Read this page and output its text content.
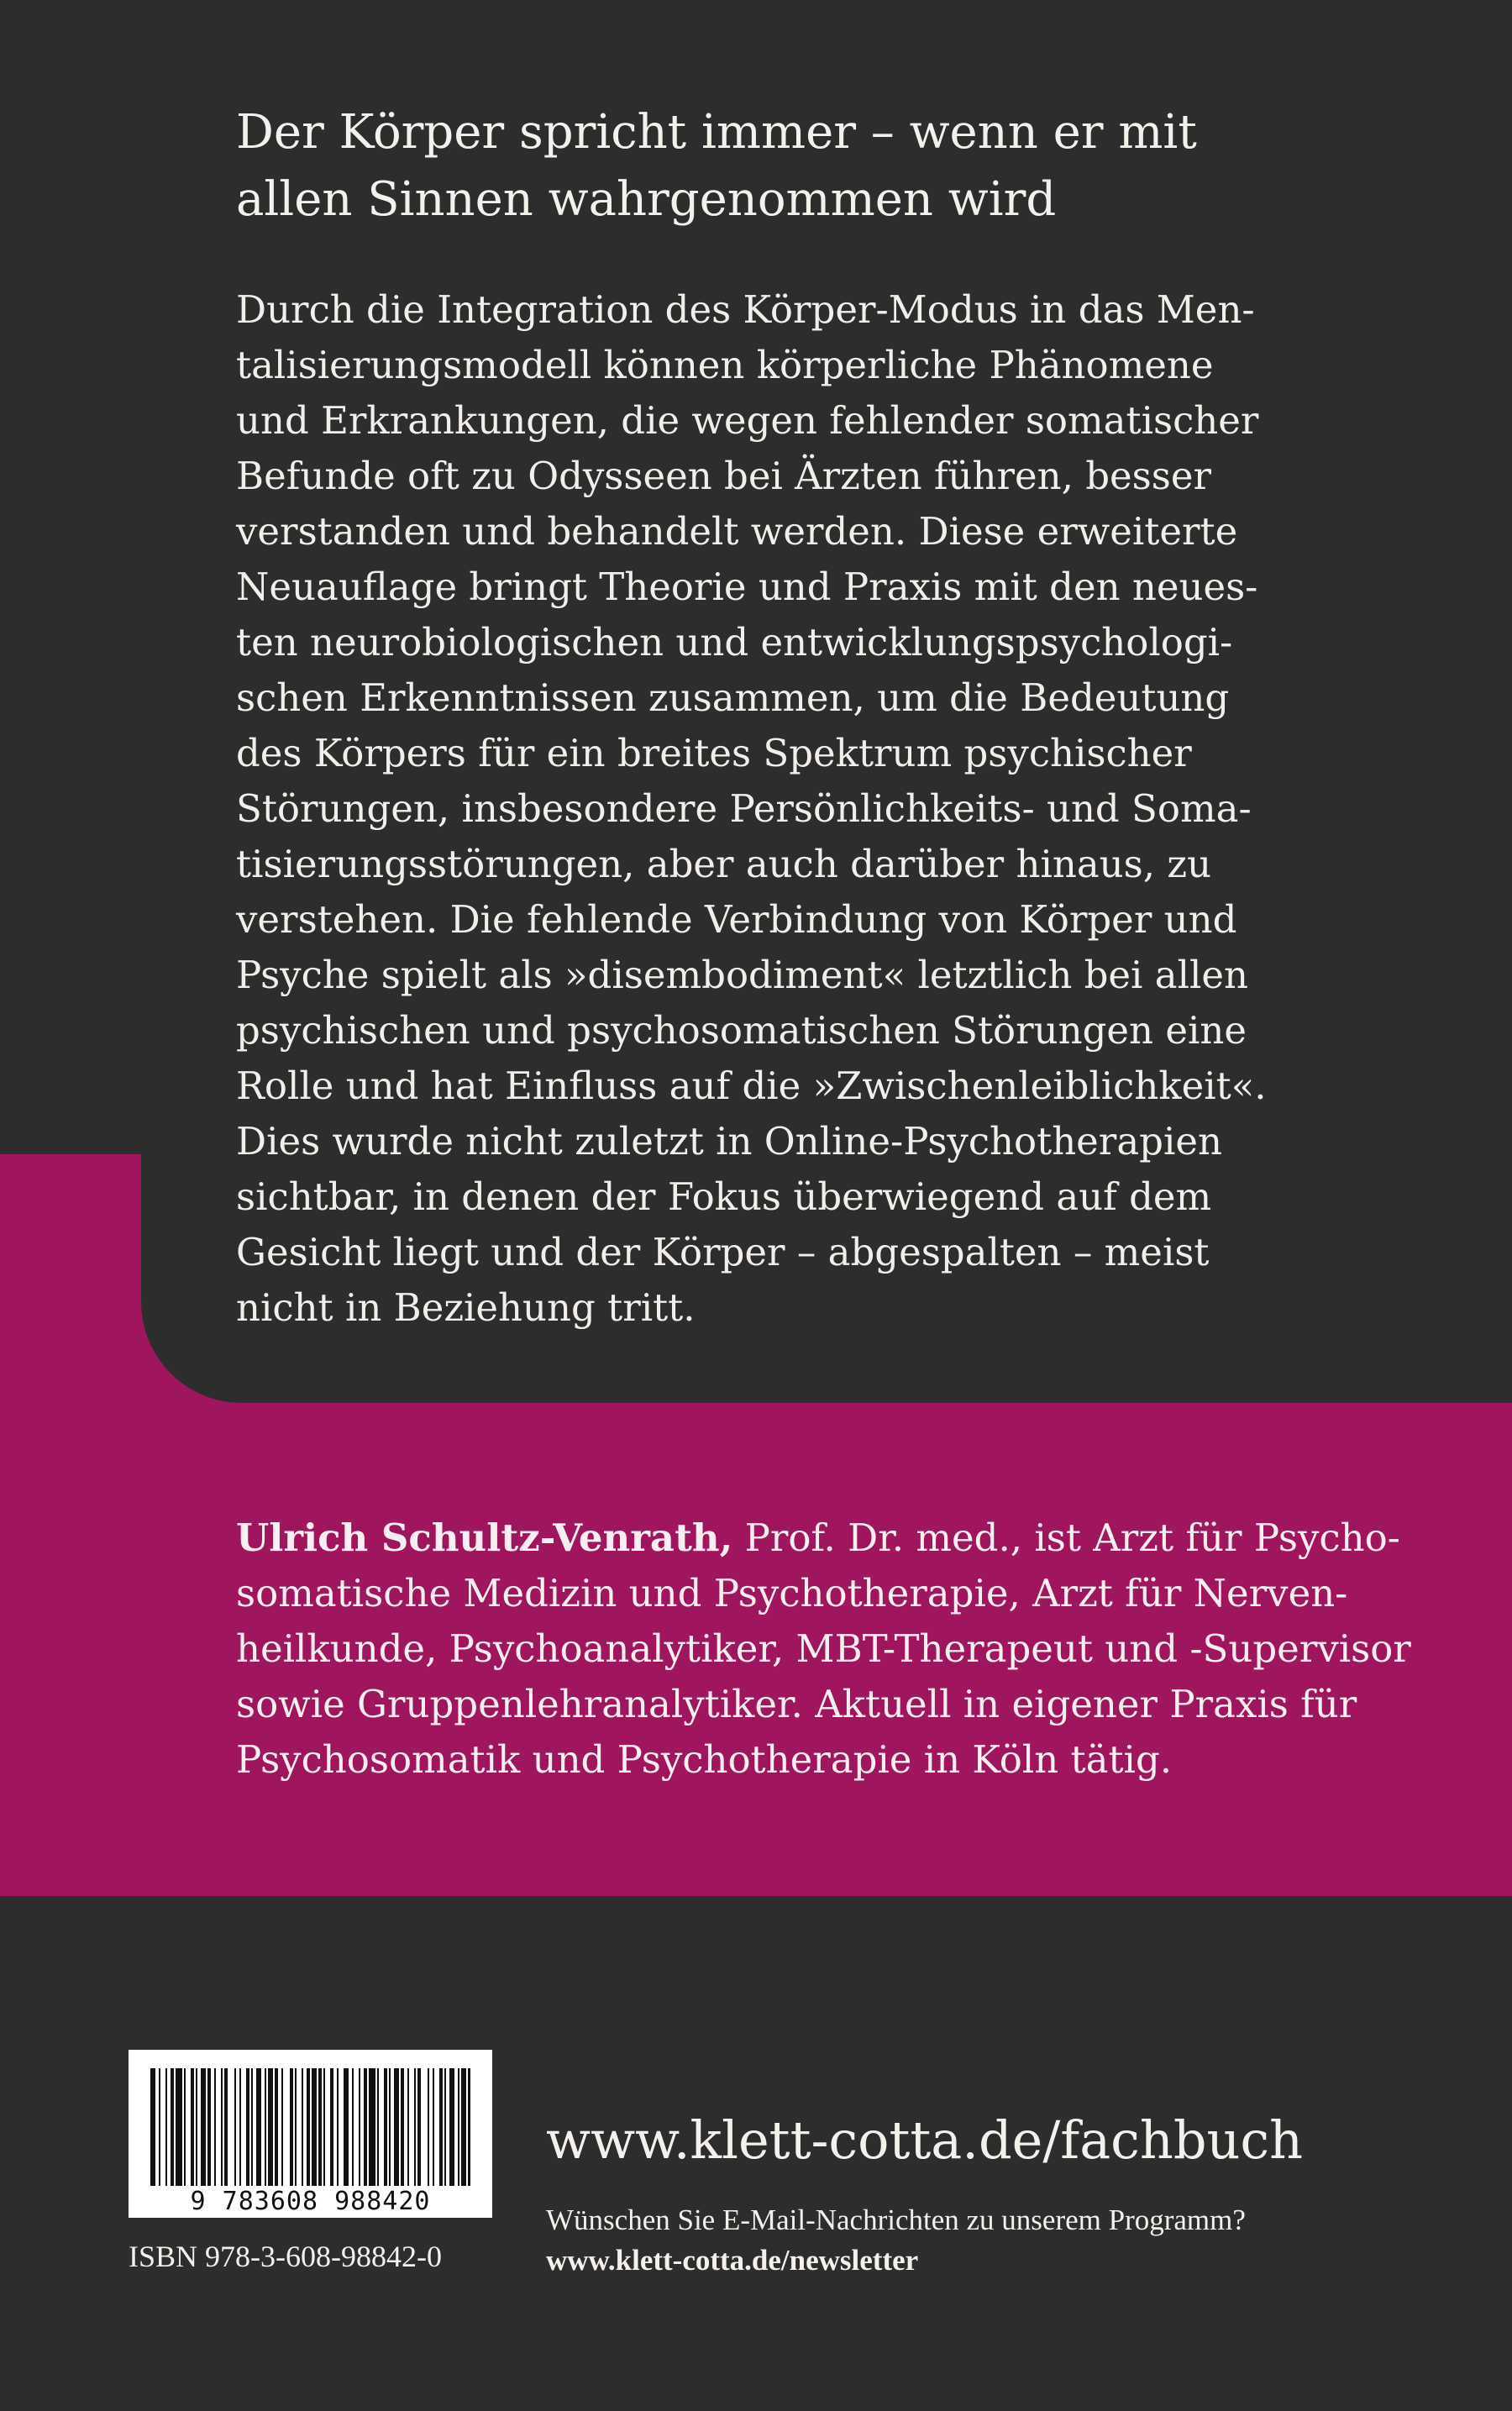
Der Körper spricht immer – wenn er mit
allen Sinnen wahrgenommen wird
Durch die Integration des Körper-Modus in das Men-
talisierungsmodell können körperliche Phänomene
und Erkrankungen, die wegen fehlender somatischer
Befunde oft zu Odysseen bei Ärzten führen, besser
verstanden und behandelt werden. Diese erweiterte
Neuauflage bringt Theorie und Praxis mit den neues-
ten neurobiologischen und entwicklungspsychologi-
schen Erkenntnissen zusammen, um die Bedeutung
des Körpers für ein breites Spektrum psychischer
Störungen, insbesondere Persönlichkeits- und Soma-
tisierungsstörungen, aber auch darüber hinaus, zu
verstehen. Die fehlende Verbindung von Körper und
Psyche spielt als »disembodiment« letztlich bei allen
psychischen und psychosomatischen Störungen eine
Rolle und hat Einfluss auf die »Zwischenleiblichkeit«.
Dies wurde nicht zuletzt in Online-Psychotherapien
sichtbar, in denen der Fokus überwiegend auf dem
Gesicht liegt und der Körper – abgespalten – meist
nicht in Beziehung tritt.
Ulrich Schultz-Venrath, Prof. Dr. med., ist Arzt für Psycho-
somatische Medizin und Psychotherapie, Arzt für Nerven-
heilkunde, Psychoanalytiker, MBT-Therapeut und -Supervisor
sowie Gruppenlehranalytiker. Aktuell in eigener Praxis für
Psychosomatik und Psychotherapie in Köln tätig.
9 783608 988420
ISBN 978-3-608-98842-0
www.klett-cotta.de/fachbuch
Wünschen Sie E-Mail-Nachrichten zu unserem Programm?
www.klett-cotta.de/newsletter
